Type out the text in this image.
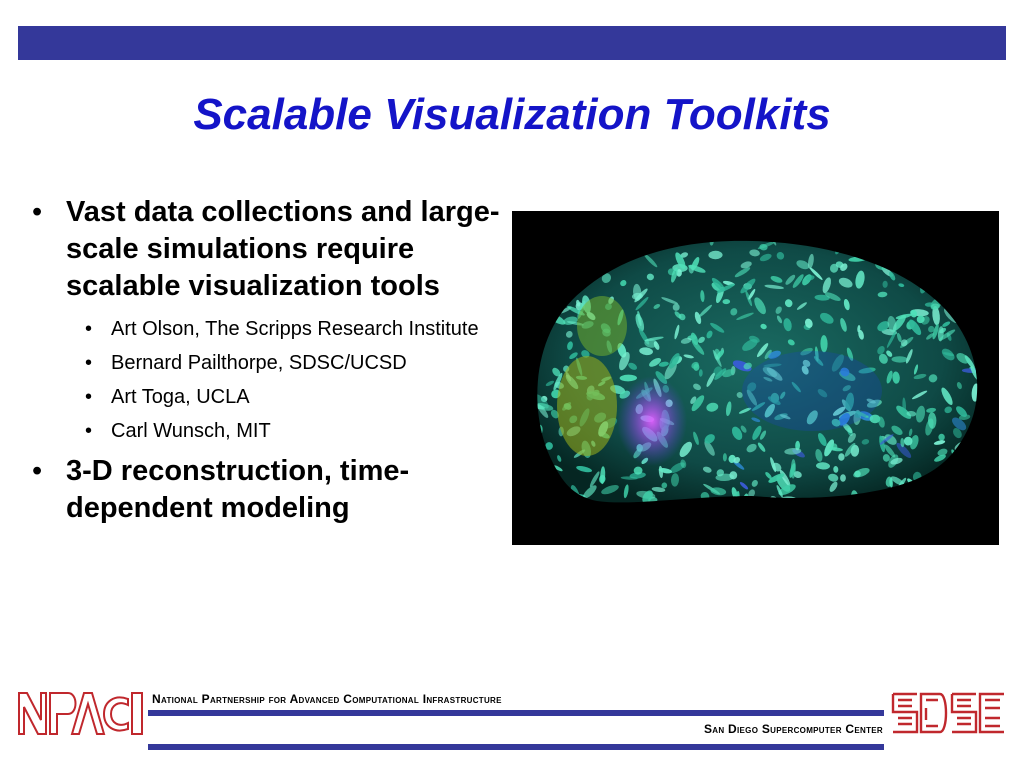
Scalable Visualization Toolkits
• Vast data collections and large-scale simulations require scalable visualization tools
• Art Olson, The Scripps Research Institute
• Bernard Pailthorpe, SDSC/UCSD
• Art Toga, UCLA
• Carl Wunsch, MIT
• 3-D reconstruction, time-dependent modeling
National Partnership for Advanced Computational Infrastructure
San Diego Supercomputer Center
